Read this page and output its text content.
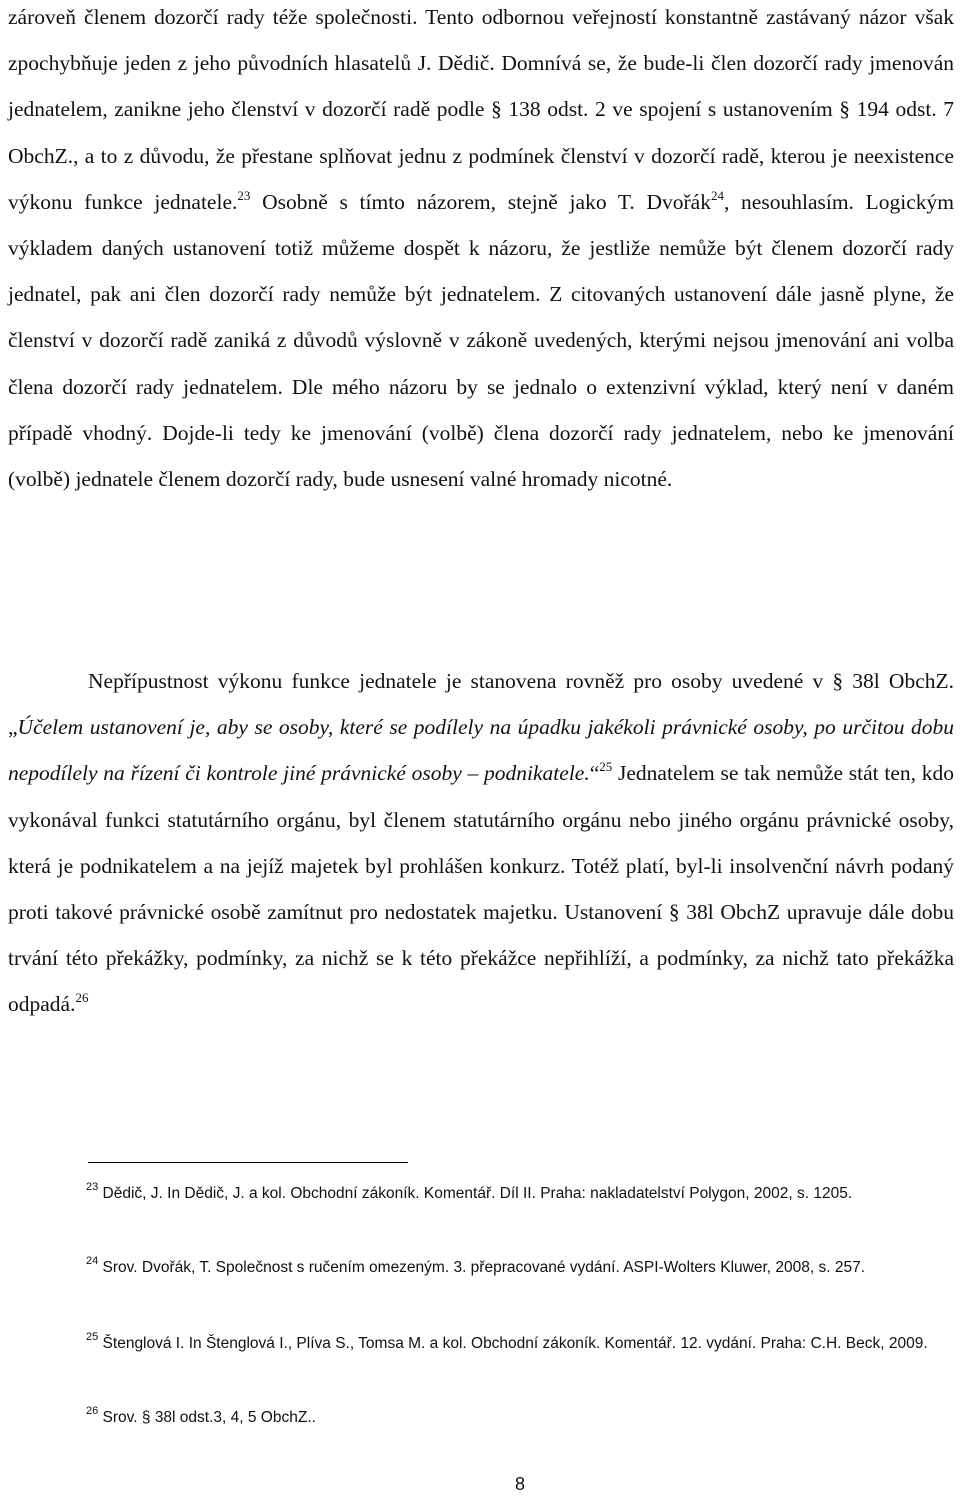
zároveň členem dozorčí rady téže společnosti. Tento odbornou veřejností konstantně zastávaný názor však zpochybňuje jeden z jeho původních hlasatelů J. Dědič. Domnívá se, že bude-li člen dozorčí rady jmenován jednatelem, zanikne jeho členství v dozorčí radě podle § 138 odst. 2 ve spojení s ustanovením § 194 odst. 7 ObchZ., a to z důvodu, že přestane splňovat jednu z podmínek členství v dozorčí radě, kterou je neexistence výkonu funkce jednatele.$^{23}$ Osobně s tímto názorem, stejně jako T. Dvořák$^{24}$, nesouhlasím. Logickým výkladem daných ustanovení totiž můžeme dospět k názoru, že jestliže nemůže být členem dozorčí rady jednatel, pak ani člen dozorčí rady nemůže být jednatelem. Z citovaných ustanovení dále jasně plyne, že členství v dozorčí radě zaniká z důvodů výslovně v zákoně uvedených, kterými nejsou jmenování ani volba člena dozorčí rady jednatelem. Dle mého názoru by se jednalo o extenzivní výklad, který není v daném případě vhodný. Dojde-li tedy ke jmenování (volbě) člena dozorčí rady jednatelem, nebo ke jmenování (volbě) jednatele členem dozorčí rady, bude usnesení valné hromady nicotné.

Nepřípustnost výkonu funkce jednatele je stanovena rovněž pro osoby uvedené v § 38l ObchZ. „Účelem ustanovení je, aby se osoby, které se podílely na úpadku jakékoli právnické osoby, po určitou dobu nepodílely na řízení či kontrole jiné právnické osoby – podnikatele.“$^{25}$ Jednatelem se tak nemůže stát ten, kdo vykonával funkci statutárního orgánu, byl členem statutárního orgánu nebo jiného orgánu právnické osoby, která je podnikatelem a na jejíž majetek byl prohlášen konkurz. Totéž platí, byl-li insolvenční návrh podaný proti takové právnické osobě zamítnut pro nedostatek majetku. Ustanovení § 38l ObchZ upravuje dále dobu trvání této překážky, podmínky, za nichž se k této překážce nepřihlíží, a podmínky, za nichž tato překážka odpadá.$^{26}$

$^{23}$ Dědič, J. In Dědič, J. a kol. Obchodní zákoník. Komentář. Díl II. Praha: nakladatelství Polygon, 2002, s. 1205.

$^{24}$ Srov. Dvořák, T. Společnost s ručením omezeným. 3. přepracované vydání. ASPI-Wolters Kluwer, 2008, s. 257.

$^{25}$ Štenglová I. In Štenglová I., Plíva S., Tomsa M. a kol. Obchodní zákoník. Komentář. 12. vydání. Praha: C.H. Beck, 2009.

$^{26}$ Srov. § 38l odst.3, 4, 5 ObchZ..

8
